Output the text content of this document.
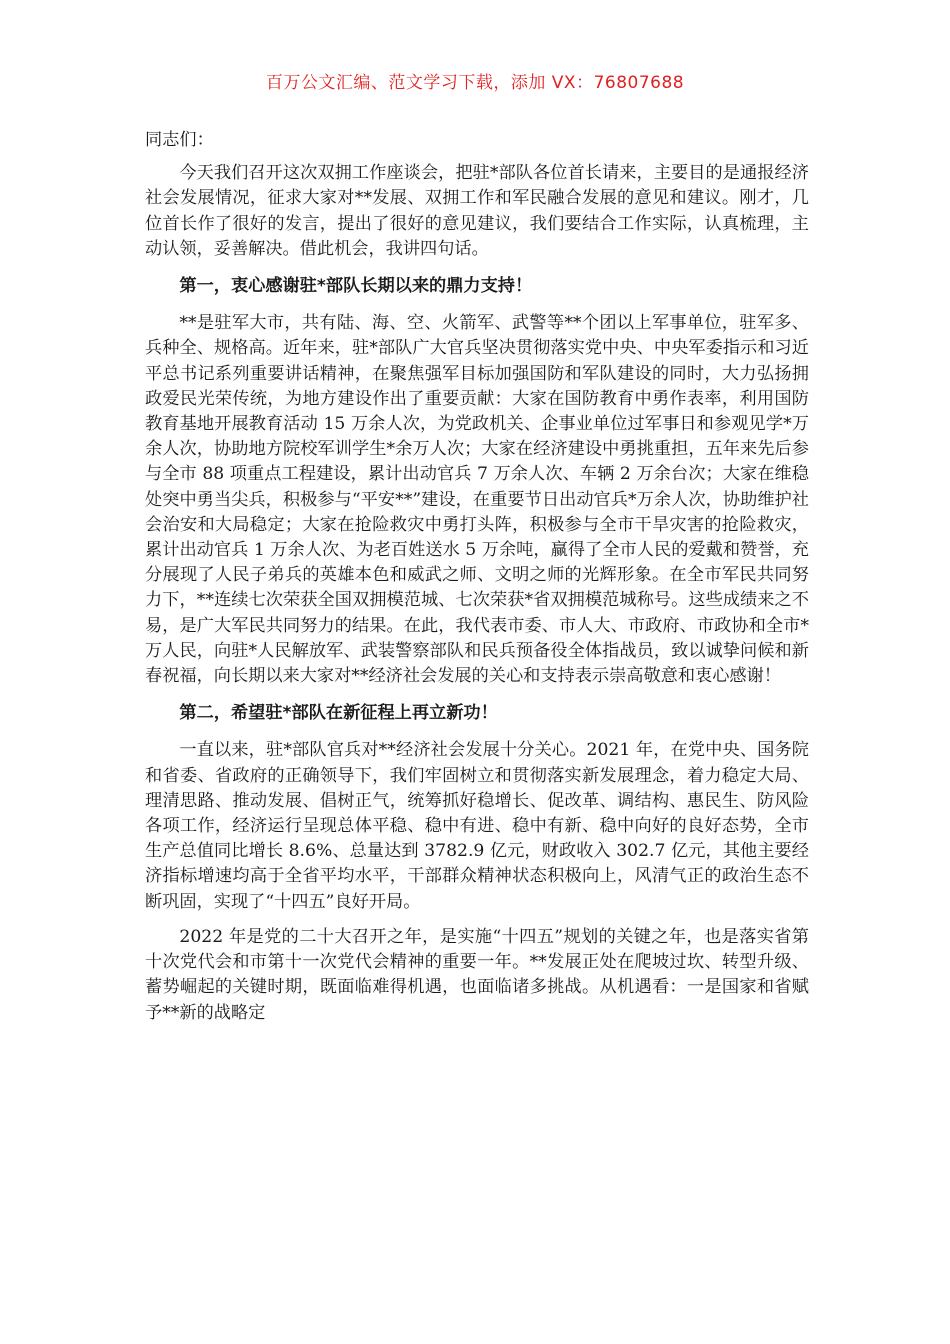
百万公文汇编、范文学习下载，添加 VX：76807688

同志们：

今天我们召开这次双拥工作座谈会，把驻*部队各位首长请来，主要目的是通报经济社会发展情况，征求大家对**发展、双拥工作和军民融合发展的意见和建议。刚才，几位首长作了很好的发言，提出了很好的意见建议，我们要结合工作实际，认真梳理，主动认领，妥善解决。借此机会，我讲四句话。

第一，衷心感谢驻*部队长期以来的鼎力支持！

**是驻军大市，共有陆、海、空、火箭军、武警等**个团以上军事单位，驻军多、兵种全、规格高。近年来，驻*部队广大官兵坚决贯彻落实党中央、中央军委指示和习近平总书记系列重要讲话精神，在聚焦强军目标加强国防和军队建设的同时，大力弘扬拥政爱民光荣传统，为地方建设作出了重要贡献：大家在国防教育中勇作表率，利用国防教育基地开展教育活动 15 万余人次，为党政机关、企事业单位过军事日和参观见学*万余人次，协助地方院校军训学生*余万人次；大家在经济建设中勇挑重担，五年来先后参与全市 88 项重点工程建设，累计出动官兵 7 万余人次、车辆 2 万余台次；大家在维稳处突中勇当尖兵，积极参与“平安**”建设，在重要节日出动官兵*万余人次，协助维护社会治安和大局稳定；大家在抢险救灾中勇打头阵，积极参与全市干旱灾害的抢险救灾，累计出动官兵 1 万余人次、为老百姓送水 5 万余吨，赢得了全市人民的爱戴和赞誉，充分展现了人民子弟兵的英雄本色和威武之师、文明之师的光辉形象。在全市军民共同努力下，**连续七次荣获全国双拥模范城、七次荣获*省双拥模范城称号。这些成绩来之不易，是广大军民共同努力的结果。在此，我代表市委、市人大、市政府、市政协和全市*万人民，向驻*人民解放军、武装警察部队和民兵预备役全体指战员，致以诚挚问候和新春祝福，向长期以来大家对**经济社会发展的关心和支持表示崇高敬意和衷心感谢！

第二，希望驻*部队在新征程上再立新功！

一直以来，驻*部队官兵对**经济社会发展十分关心。2021 年，在党中央、国务院和省委、省政府的正确领导下，我们牢固树立和贯彻落实新发展理念，着力稳定大局、理清思路、推动发展、倡树正气，统筹抓好稳增长、促改革、调结构、惠民生、防风险各项工作，经济运行呈现总体平稳、稳中有进、稳中有新、稳中向好的良好态势，全市生产总值同比增长 8.6%、总量达到 3782.9 亿元，财政收入 302.7 亿元，其他主要经济指标增速均高于全省平均水平，干部群众精神状态积极向上，风清气正的政治生态不断巩固，实现了“十四五”良好开局。

2022 年是党的二十大召开之年，是实施“十四五”规划的关键之年，也是落实省第十次党代会和市第十一次党代会精神的重要一年。**发展正处在爬坡过坎、转型升级、蓄势崛起的关键时期，既面临难得机遇，也面临诸多挑战。从机遇看：一是国家和省赋予**新的战略定
